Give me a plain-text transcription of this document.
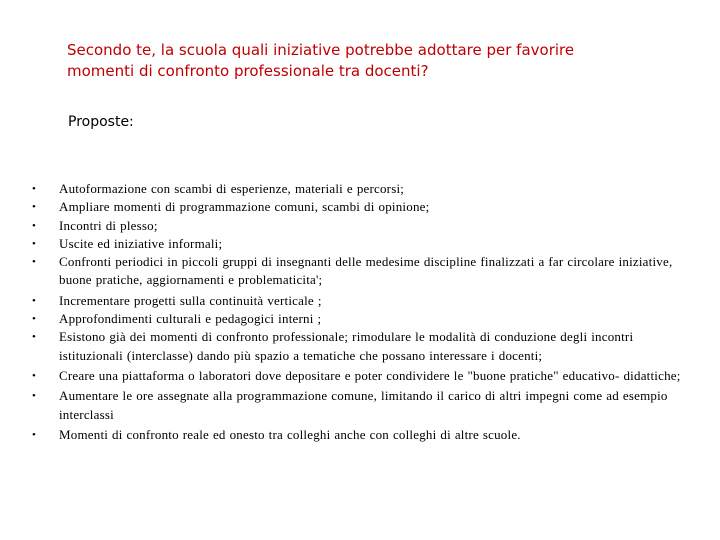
Secondo te, la scuola quali iniziative potrebbe adottare per favorire
momenti di confronto professionale tra docenti?
Proposte:
• Autoformazione con scambi di esperienze, materiali e percorsi;
• Ampliare momenti di programmazione comuni, scambi di opinione;
• Incontri di plesso;
• Uscite ed iniziative informali;
• Confronti periodici in piccoli gruppi di insegnanti delle medesime discipline finalizzati a far circolare iniziative, buone pratiche, aggiornamenti e problematicita';
• Incrementare progetti sulla continuità verticale ;
• Approfondimenti culturali e pedagogici interni ;
• Esistono già dei momenti di confronto professionale; rimodulare le modalità di conduzione degli incontri istituzionali (interclasse) dando più spazio a tematiche che possano interessare i docenti;
• Creare una piattaforma o laboratori dove depositare e poter condividere le "buone pratiche" educativo- didattiche;
• Aumentare le ore assegnate alla programmazione comune, limitando il carico di altri impegni come ad esempio interclassi
• Momenti di confronto reale ed onesto tra colleghi anche con colleghi di altre scuole.
